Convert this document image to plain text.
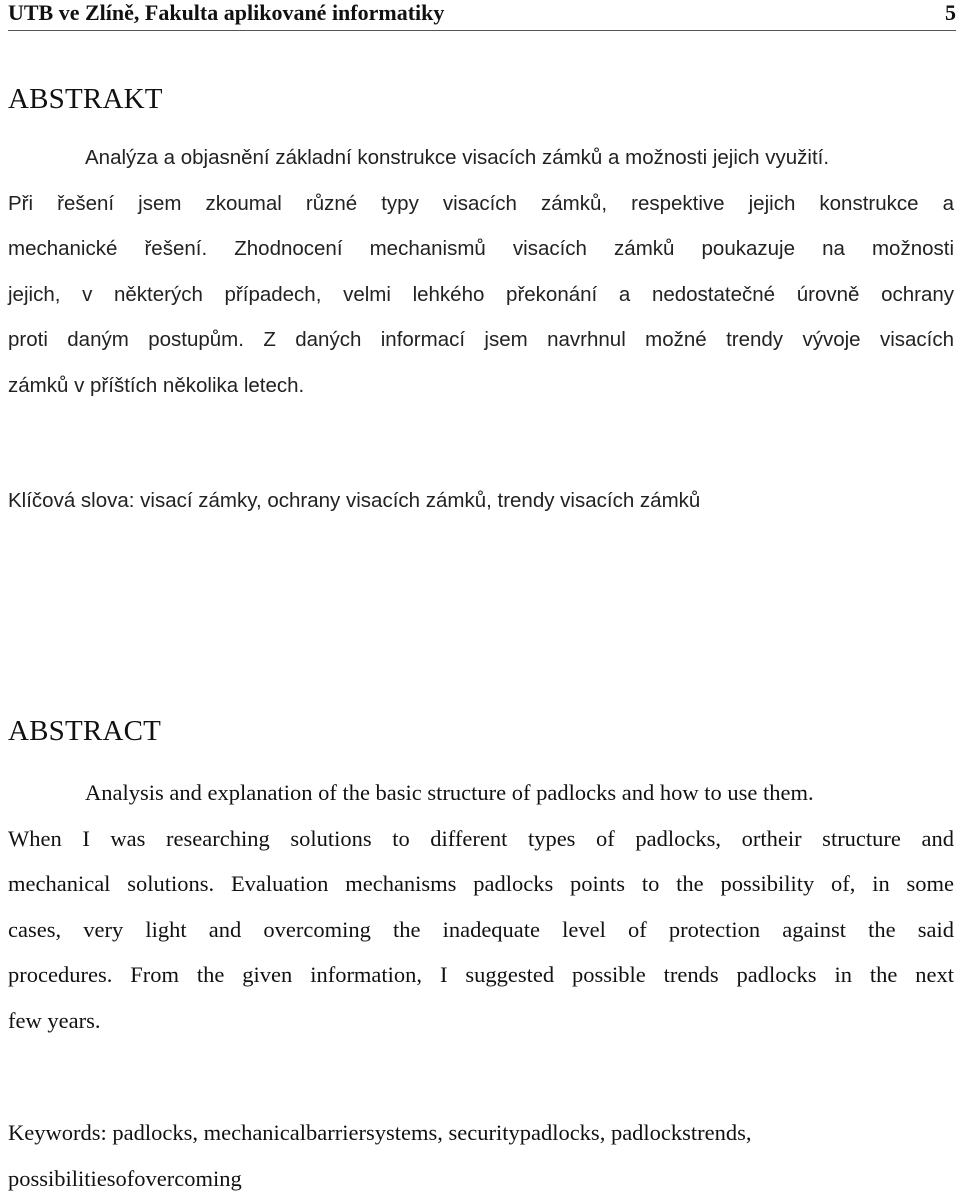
UTB ve Zlíně, Fakulta aplikované informatiky	5
ABSTRAKT
Analýza a objasnění základní konstrukce visacích zámků a možnosti jejich využití.
Při řešení jsem zkoumal různé typy visacích zámků, respektive jejich konstrukce a
mechanické řešení. Zhodnocení mechanismů visacích zámků poukazuje na možnosti
jejich, v některých případech, velmi lehkého překonání a nedostatečné úrovně ochrany
proti daným postupům. Z daných informací jsem navrhnul možné trendy vývoje visacích
zámků v příštích několika letech.
Klíčová slova: visací zámky, ochrany visacích zámků, trendy visacích zámků
ABSTRACT
Analysis and explanation of the basic structure of padlocks and how to use them.
When I was researching solutions to different types of padlocks, ortheir structure and
mechanical solutions. Evaluation mechanisms padlocks points to the possibility of, in some
cases, very light and overcoming the inadequate level of protection against the said
procedures. From the given information, I suggested possible trends padlocks in the next
few years.
Keywords: padlocks, mechanicalbarriersystems, securitypadlocks, padlockstrends,
possibilitiesofovercoming
